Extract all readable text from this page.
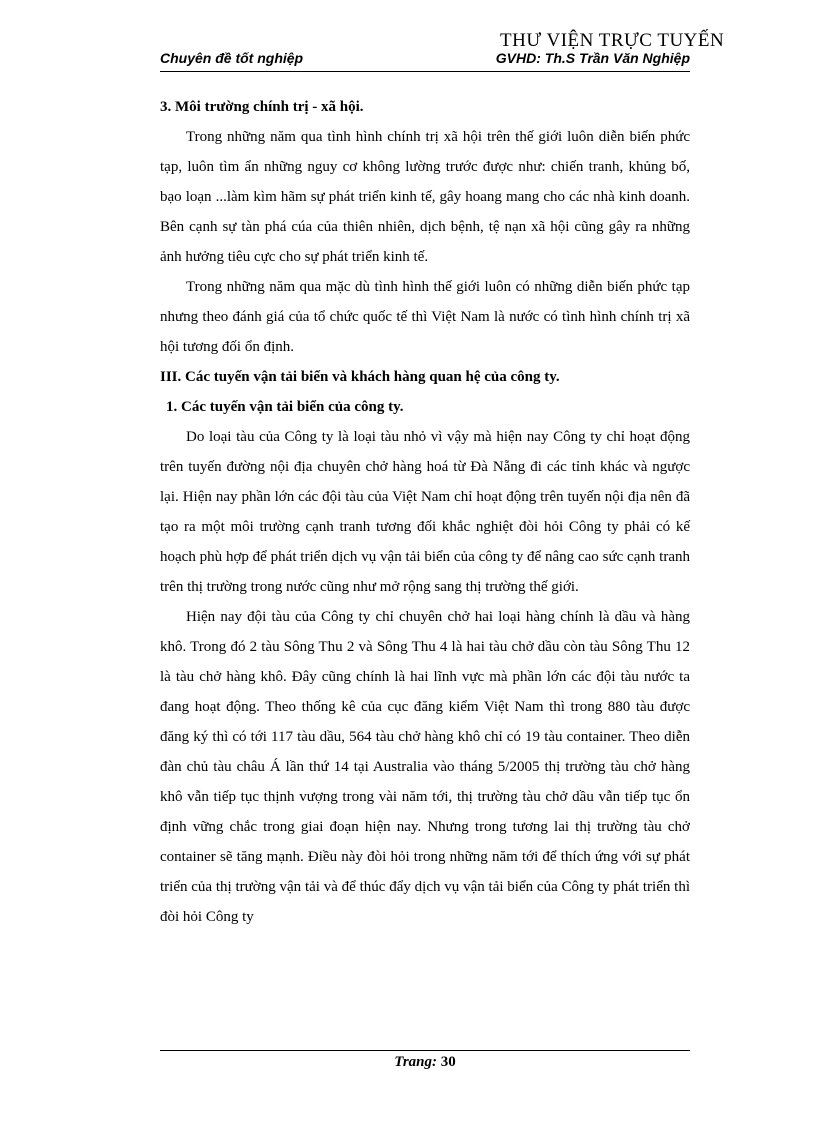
THƯ VIỆN TRỰC TUYẾN
Chuyên đề tốt nghiệp	GVHD: Th.S Trần Văn Nghiệp
3. Môi trường chính trị - xã hội.

Trong những năm qua tình hình chính trị xã hội trên thế giới luôn diễn biến phức tạp, luôn tìm ẩn những nguy cơ không lường trước được như: chiến tranh, khủng bố, bạo loạn ...làm kìm hãm sự phát triển kinh tế, gây hoang mang cho các nhà kinh doanh. Bên cạnh sự tàn phá cúa của thiên nhiên, dịch bệnh, tệ nạn xã hội cũng gây ra những ảnh hưởng tiêu cực cho sự phát triển kinh tế.

Trong những năm qua mặc dù tình hình thế giới luôn có những diễn biến phức tạp nhưng theo đánh giá của tổ chức quốc tế thì Việt Nam là nước có tình hình chính trị xã hội tương đối ổn định.

III. Các tuyến vận tải biển và khách hàng quan hệ của công ty.
1. Các tuyến vận tải biển của công ty.

Do loại tàu của Công ty là loại tàu nhỏ vì vậy mà hiện nay Công ty chỉ hoạt động trên tuyến đường nội địa chuyên chở hàng hoá từ Đà Nẵng đi các tỉnh khác và ngược lại. Hiện nay phần lớn các đội tàu của Việt Nam chỉ hoạt động trên tuyến nội địa nên đã tạo ra một môi trường cạnh tranh tương đối khắc nghiệt đòi hỏi Công ty phải có kế hoạch phù hợp để phát triển dịch vụ vận tải biển của công ty để nâng cao sức cạnh tranh trên thị trường trong nước cũng như mở rộng sang thị trường thế giới.

Hiện nay đội tàu của Công ty chỉ chuyên chở hai loại hàng chính là dầu và hàng khô. Trong đó 2 tàu Sông Thu 2 và Sông Thu 4 là hai tàu chở dầu còn tàu Sông Thu 12 là tàu chở hàng khô. Đây cũng chính là hai lĩnh vực mà phần lớn các đội tàu nước ta đang hoạt động. Theo thống kê của cục đăng kiểm Việt Nam thì trong 880 tàu được đăng ký thì có tới 117 tàu dầu, 564 tàu chở hàng khô chỉ có 19 tàu container. Theo diễn đàn chủ tàu châu Á lần thứ 14 tại Australia vào tháng 5/2005 thị trường tàu chở hàng khô vẫn tiếp tục thịnh vượng trong vài năm tới, thị trường tàu chở dầu vẫn tiếp tục ổn định vững chắc trong giai đoạn hiện nay. Nhưng trong tương lai thị trường tàu chở container sẽ tăng mạnh. Điều này đòi hỏi trong những năm tới để thích ứng với sự phát triển của thị trường vận tải và để thúc đẩy dịch vụ vận tải biển của Công ty phát triển thì đòi hỏi Công ty

Trang: 30
